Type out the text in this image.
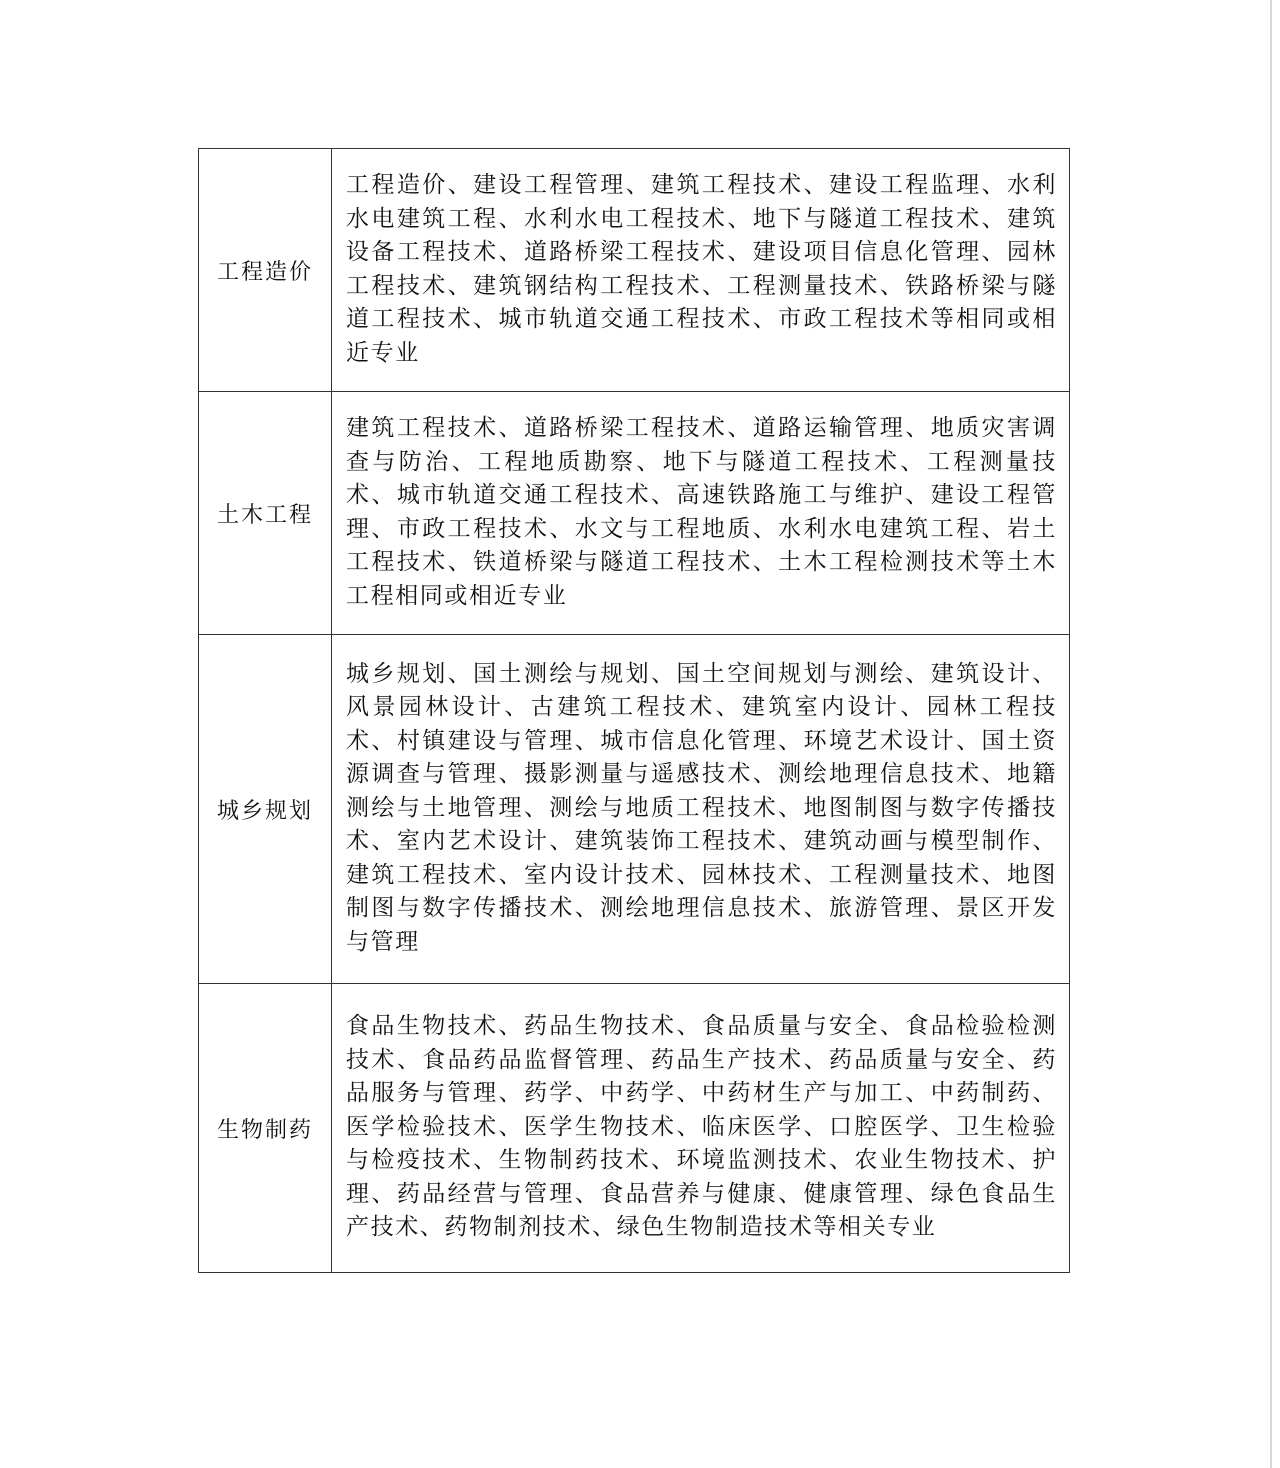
工程造价	工程造价、建设工程管理、建筑工程技术、建设工程监理、水利水电建筑工程、水利水电工程技术、地下与隧道工程技术、建筑设备工程技术、道路桥梁工程技术、建设项目信息化管理、园林工程技术、建筑钢结构工程技术、工程测量技术、铁路桥梁与隧道工程技术、城市轨道交通工程技术、市政工程技术等相同或相近专业
土木工程	建筑工程技术、道路桥梁工程技术、道路运输管理、地质灾害调查与防治、工程地质勘察、地下与隧道工程技术、工程测量技术、城市轨道交通工程技术、高速铁路施工与维护、建设工程管理、市政工程技术、水文与工程地质、水利水电建筑工程、岩土工程技术、铁道桥梁与隧道工程技术、土木工程检测技术等土木工程相同或相近专业
城乡规划	城乡规划、国土测绘与规划、国土空间规划与测绘、建筑设计、风景园林设计、古建筑工程技术、建筑室内设计、园林工程技术、村镇建设与管理、城市信息化管理、环境艺术设计、国土资源调查与管理、摄影测量与遥感技术、测绘地理信息技术、地籍测绘与土地管理、测绘与地质工程技术、地图制图与数字传播技术、室内艺术设计、建筑装饰工程技术、建筑动画与模型制作、建筑工程技术、室内设计技术、园林技术、工程测量技术、地图制图与数字传播技术、测绘地理信息技术、旅游管理、景区开发与管理
生物制药	食品生物技术、药品生物技术、食品质量与安全、食品检验检测技术、食品药品监督管理、药品生产技术、药品质量与安全、药品服务与管理、药学、中药学、中药材生产与加工、中药制药、医学检验技术、医学生物技术、临床医学、口腔医学、卫生检验与检疫技术、生物制药技术、环境监测技术、农业生物技术、护理、药品经营与管理、食品营养与健康、健康管理、绿色食品生产技术、药物制剂技术、绿色生物制造技术等相关专业
